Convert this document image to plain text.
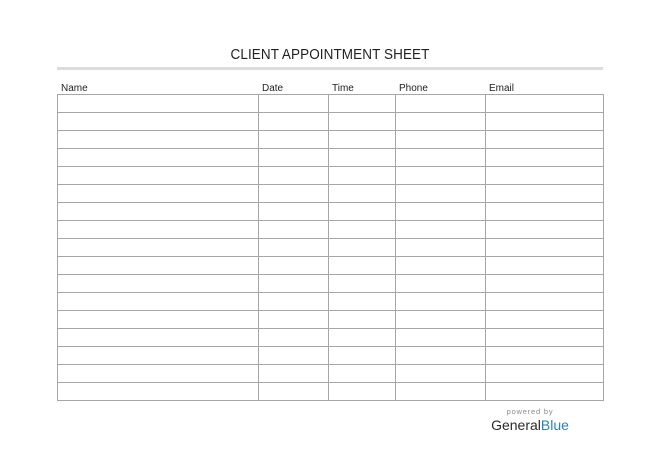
CLIENT APPOINTMENT SHEET
Name	Date	Time	Phone	Email

powered by
GeneralBlue
